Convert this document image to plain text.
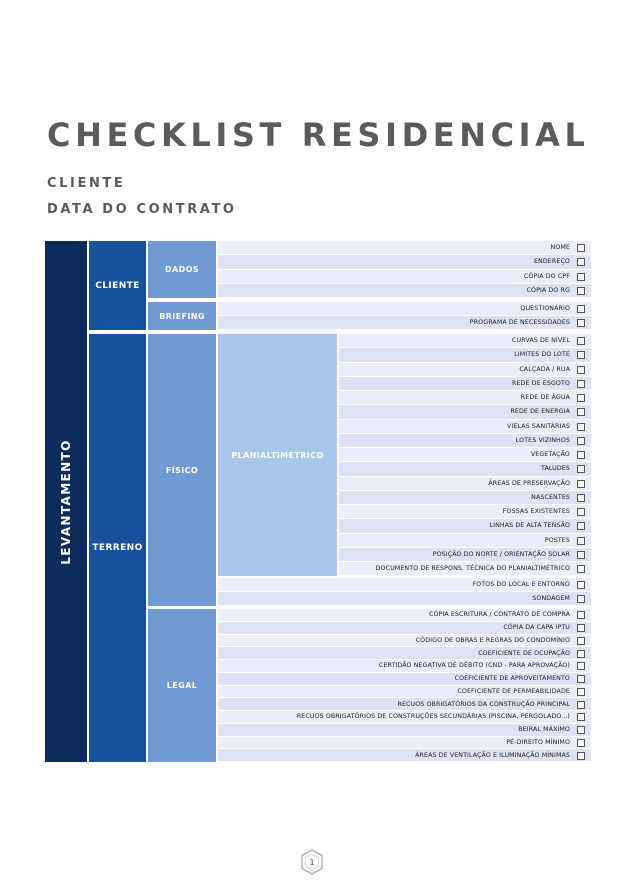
CHECKLIST RESIDENCIAL
CLIENTE
DATA DO CONTRATO
LEVANTAMENTO
CLIENTE
TERRENO
DADOS
BRIEFING
FÍSICO
LEGAL
PLANIALTIMÉTRICO
NOME
ENDEREÇO
CÓPIA DO CPF
CÓPIA DO RG
QUESTIONÁRIO
PROGRAMA DE NECESSIDADES
CURVAS DE NÍVEL
LIMITES DO LOTE
CALÇADA / RUA
REDE DE ESGOTO
REDE DE ÁGUA
REDE DE ENERGIA
VIELAS SANITÁRIAS
LOTES VIZINHOS
VEGETAÇÃO
TALUDES
ÁREAS DE PRESERVAÇÃO
NASCENTES
FOSSAS EXISTENTES
LINHAS DE ALTA TENSÃO
POSTES
POSIÇÃO DO NORTE / ORIENTAÇÃO SOLAR
DOCUMENTO DE RESPONS. TÉCNICA DO PLANIALTIMÉTRICO
FOTOS DO LOCAL E ENTORNO
SONDAGEM
CÓPIA ESCRITURA / CONTRATO DE COMPRA
CÓPIA DA CAPA IPTU
CÓDIGO DE OBRAS E REGRAS DO CONDOMÍNIO
COEFICIENTE DE OCUPAÇÃO
CERTIDÃO NEGATIVA DE DÉBITO (CND - PARA APROVAÇÃO)
COEFICIENTE DE APROVEITAMENTO
COEFICIENTE DE PERMEABILIDADE
RECUOS OBRIGATÓRIOS DA CONSTRUÇÃO PRINCIPAL
RECUOS OBRIGATÓRIOS DE CONSTRUÇÕES SECUNDÁRIAS (PISCINA, PERGOLADO...)
BEIRAL MÁXIMO
PÉ-DIREITO MÍNIMO
ÁREAS DE VENTILAÇÃO E ILUMINAÇÃO MÍNIMAS
1
